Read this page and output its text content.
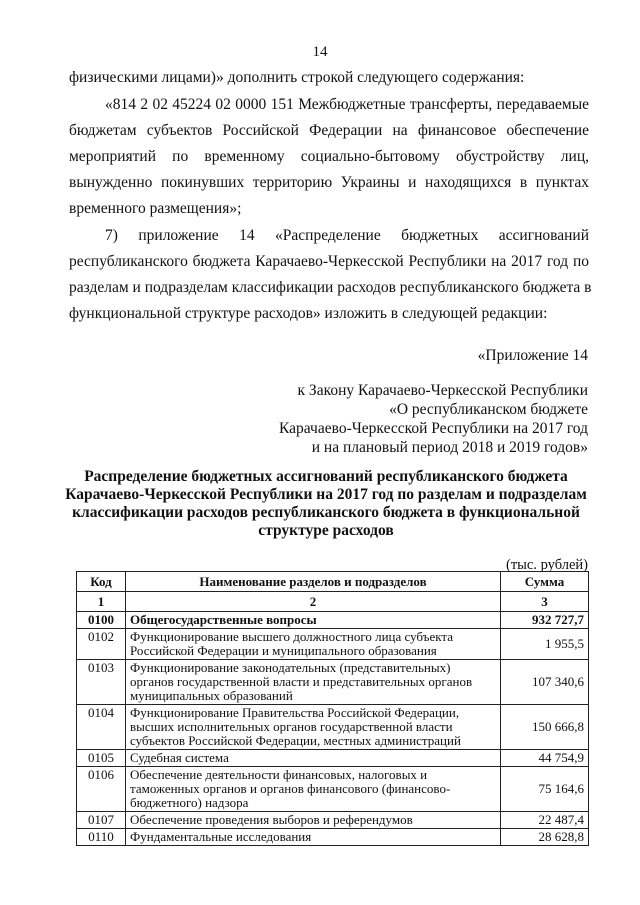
14
физическими лицами)» дополнить строкой следующего содержания:
«814 2 02 45224 02 0000 151 Межбюджетные трансферты, передаваемые
бюджетам субъектов Российской Федерации на финансовое обеспечение
мероприятий по временному социально-бытовому обустройству лиц,
вынужденно покинувших территорию Украины и находящихся в пунктах
временного размещения»;
7) приложение 14 «Распределение бюджетных ассигнований
республиканского бюджета Карачаево-Черкесской Республики на 2017 год по
разделам и подразделам классификации расходов республиканского бюджета в
функциональной структуре расходов» изложить в следующей редакции:
«Приложение 14
к Закону Карачаево-Черкесской Республики
«О республиканском бюджете
Карачаево-Черкесской Республики на 2017 год
и на плановый период 2018 и 2019 годов»
Распределение бюджетных ассигнований республиканского бюджета
Карачаево-Черкесской Республики на 2017 год по разделам и подразделам
классификации расходов республиканского бюджета в функциональной
структуре расходов
(тыс. рублей)
Код	Наименование разделов и подразделов	Сумма
1	2	3
0100	Общегосударственные вопросы	932 727,7
0102	Функционирование высшего должностного лица субъекта Российской Федерации и муниципального образования	1 955,5
0103	Функционирование законодательных (представительных) органов государственной власти и представительных органов муниципальных образований	107 340,6
0104	Функционирование Правительства Российской Федерации, высших исполнительных органов государственной власти субъектов Российской Федерации, местных администраций	150 666,8
0105	Судебная система	44 754,9
0106	Обеспечение деятельности финансовых, налоговых и таможенных органов и органов финансового (финансово-бюджетного) надзора	75 164,6
0107	Обеспечение проведения выборов и референдумов	22 487,4
0110	Фундаментальные исследования	28 628,8
